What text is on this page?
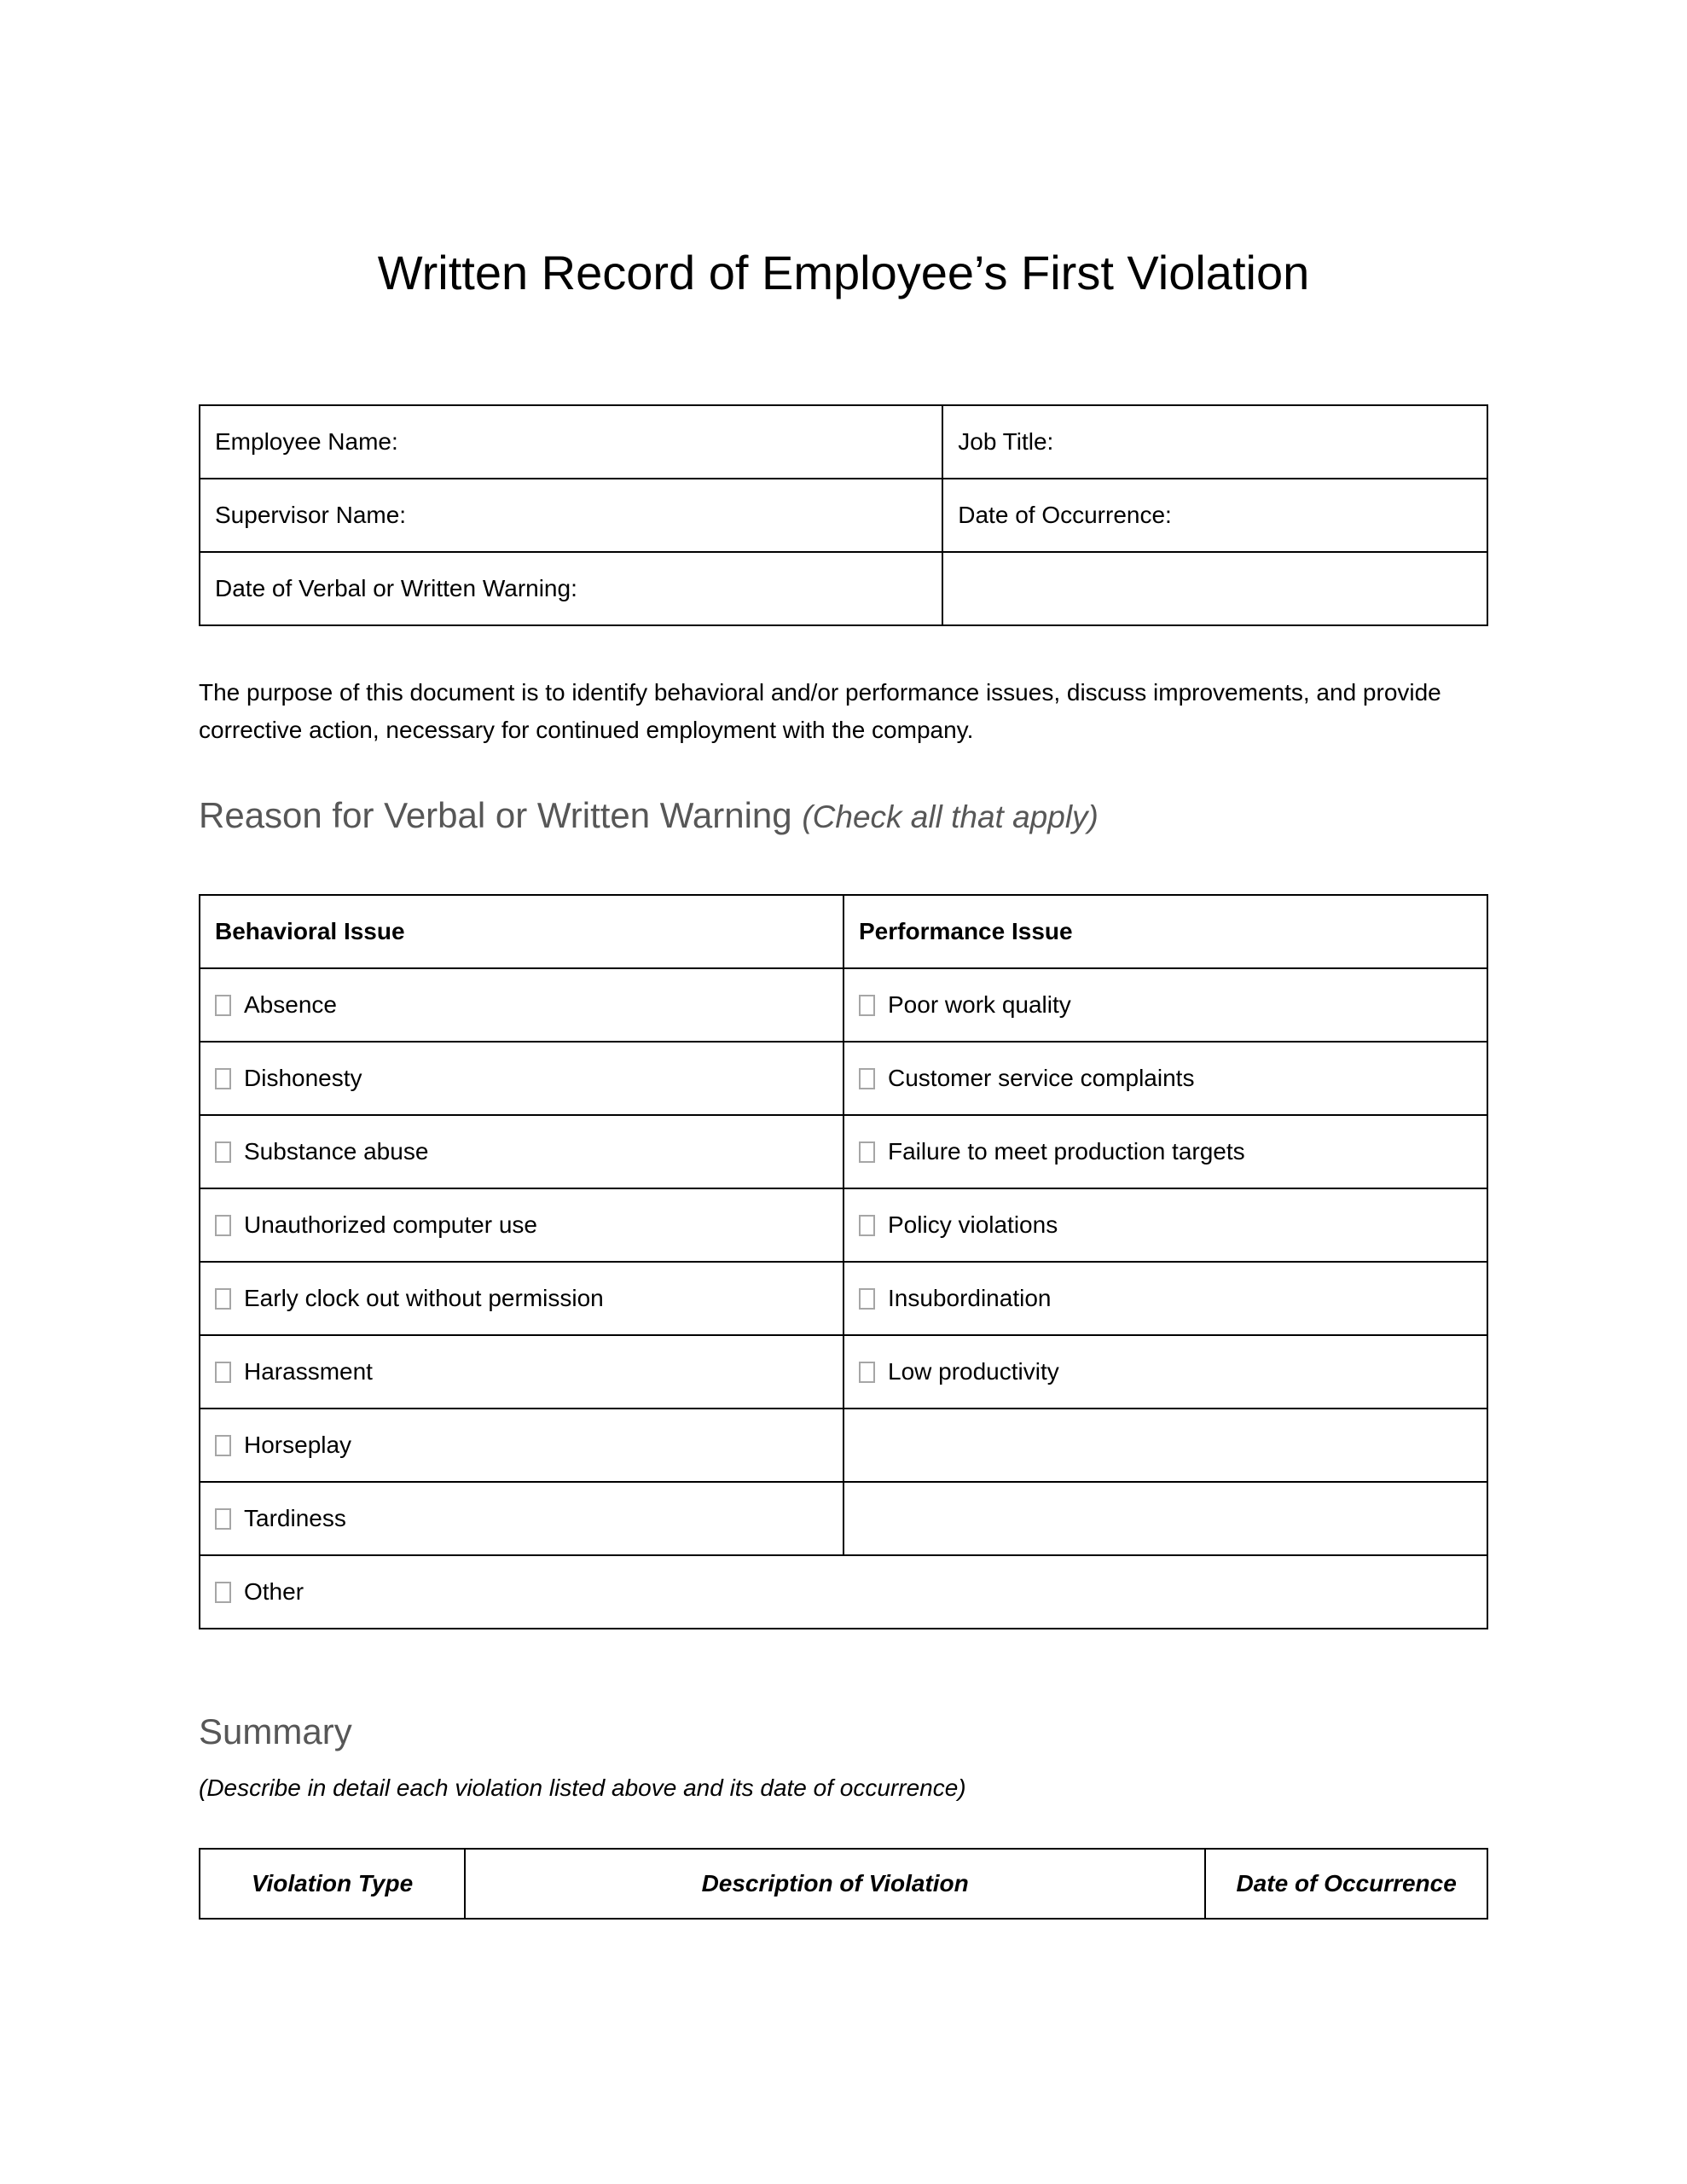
Written Record of Employee’s First Violation
Employee Name:	Job Title:
Supervisor Name:	Date of Occurrence:
Date of Verbal or Written Warning:	

The purpose of this document is to identify behavioral and/or performance issues, discuss improvements, and provide corrective action, necessary for continued employment with the company.

Reason for Verbal or Written Warning (Check all that apply)
Behavioral Issue	Performance Issue
Absence	Poor work quality
Dishonesty	Customer service complaints
Substance abuse	Failure to meet production targets
Unauthorized computer use	Policy violations
Early clock out without permission	Insubordination
Harassment	Low productivity
Horseplay	
Tardiness	
Other	
Summary

(Describe in detail each violation listed above and its date of occurrence)

Violation Type	Description of Violation	Date of Occurrence
